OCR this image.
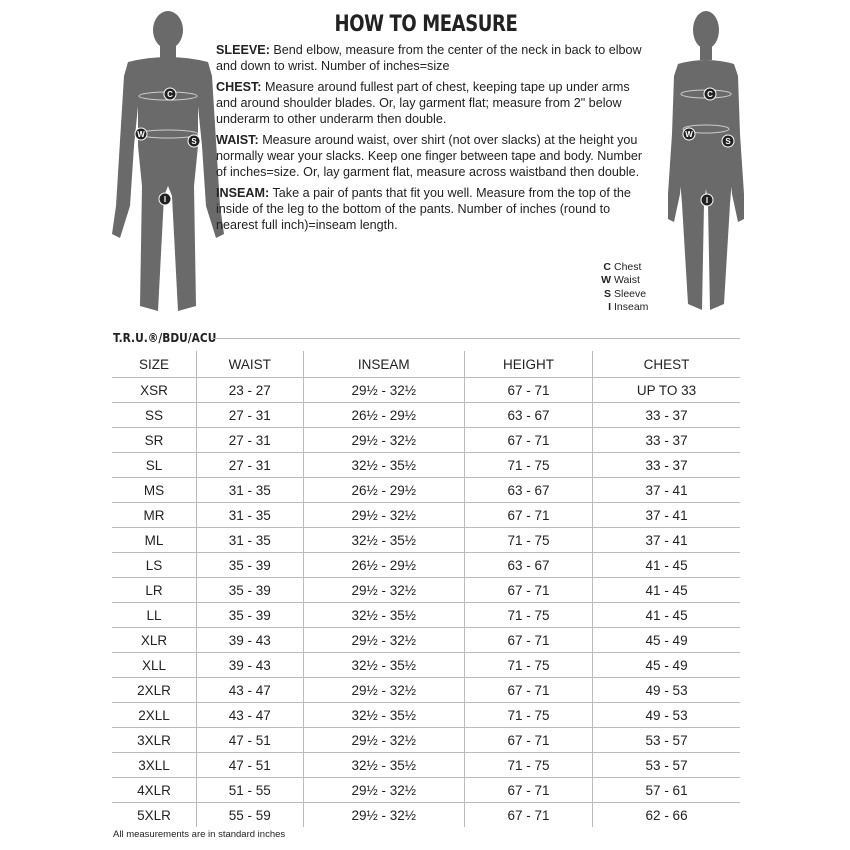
C
W
S
I
C
W
S
I
HOW TO MEASURE

SLEEVE: Bend elbow, measure from the center of the neck in back to elbow and down to wrist. Number of inches=size

CHEST: Measure around fullest part of chest, keeping tape up under arms and around shoulder blades. Or, lay garment flat; measure from 2" below underarm to other underarm then double.

WAIST: Measure around waist, over shirt (not over slacks) at the height you normally wear your slacks. Keep one finger between tape and body. Number of inches=size. Or, lay garment flat, measure across waistband then double.

INSEAM: Take a pair of pants that fit you well. Measure from the top of the inside of the leg to the bottom of the pants. Number of inches (round to nearest full inch)=inseam length.

C Chest
W Waist
S Sleeve
I Inseam
T.R.U.®/BDU/ACU
SIZE	WAIST	INSEAM	HEIGHT	CHEST
XSR	23 - 27	29½ - 32½	67 - 71	UP TO 33
SS	27 - 31	26½ - 29½	63 - 67	33 - 37
SR	27 - 31	29½ - 32½	67 - 71	33 - 37
SL	27 - 31	32½ - 35½	71 - 75	33 - 37
MS	31 - 35	26½ - 29½	63 - 67	37 - 41
MR	31 - 35	29½ - 32½	67 - 71	37 - 41
ML	31 - 35	32½ - 35½	71 - 75	37 - 41
LS	35 - 39	26½ - 29½	63 - 67	41 - 45
LR	35 - 39	29½ - 32½	67 - 71	41 - 45
LL	35 - 39	32½ - 35½	71 - 75	41 - 45
XLR	39 - 43	29½ - 32½	67 - 71	45 - 49
XLL	39 - 43	32½ - 35½	71 - 75	45 - 49
2XLR	43 - 47	29½ - 32½	67 - 71	49 - 53
2XLL	43 - 47	32½ - 35½	71 - 75	49 - 53
3XLR	47 - 51	29½ - 32½	67 - 71	53 - 57
3XLL	47 - 51	32½ - 35½	71 - 75	53 - 57
4XLR	51 - 55	29½ - 32½	67 - 71	57 - 61
5XLR	55 - 59	29½ - 32½	67 - 71	62 - 66
All measurements are in standard inches
